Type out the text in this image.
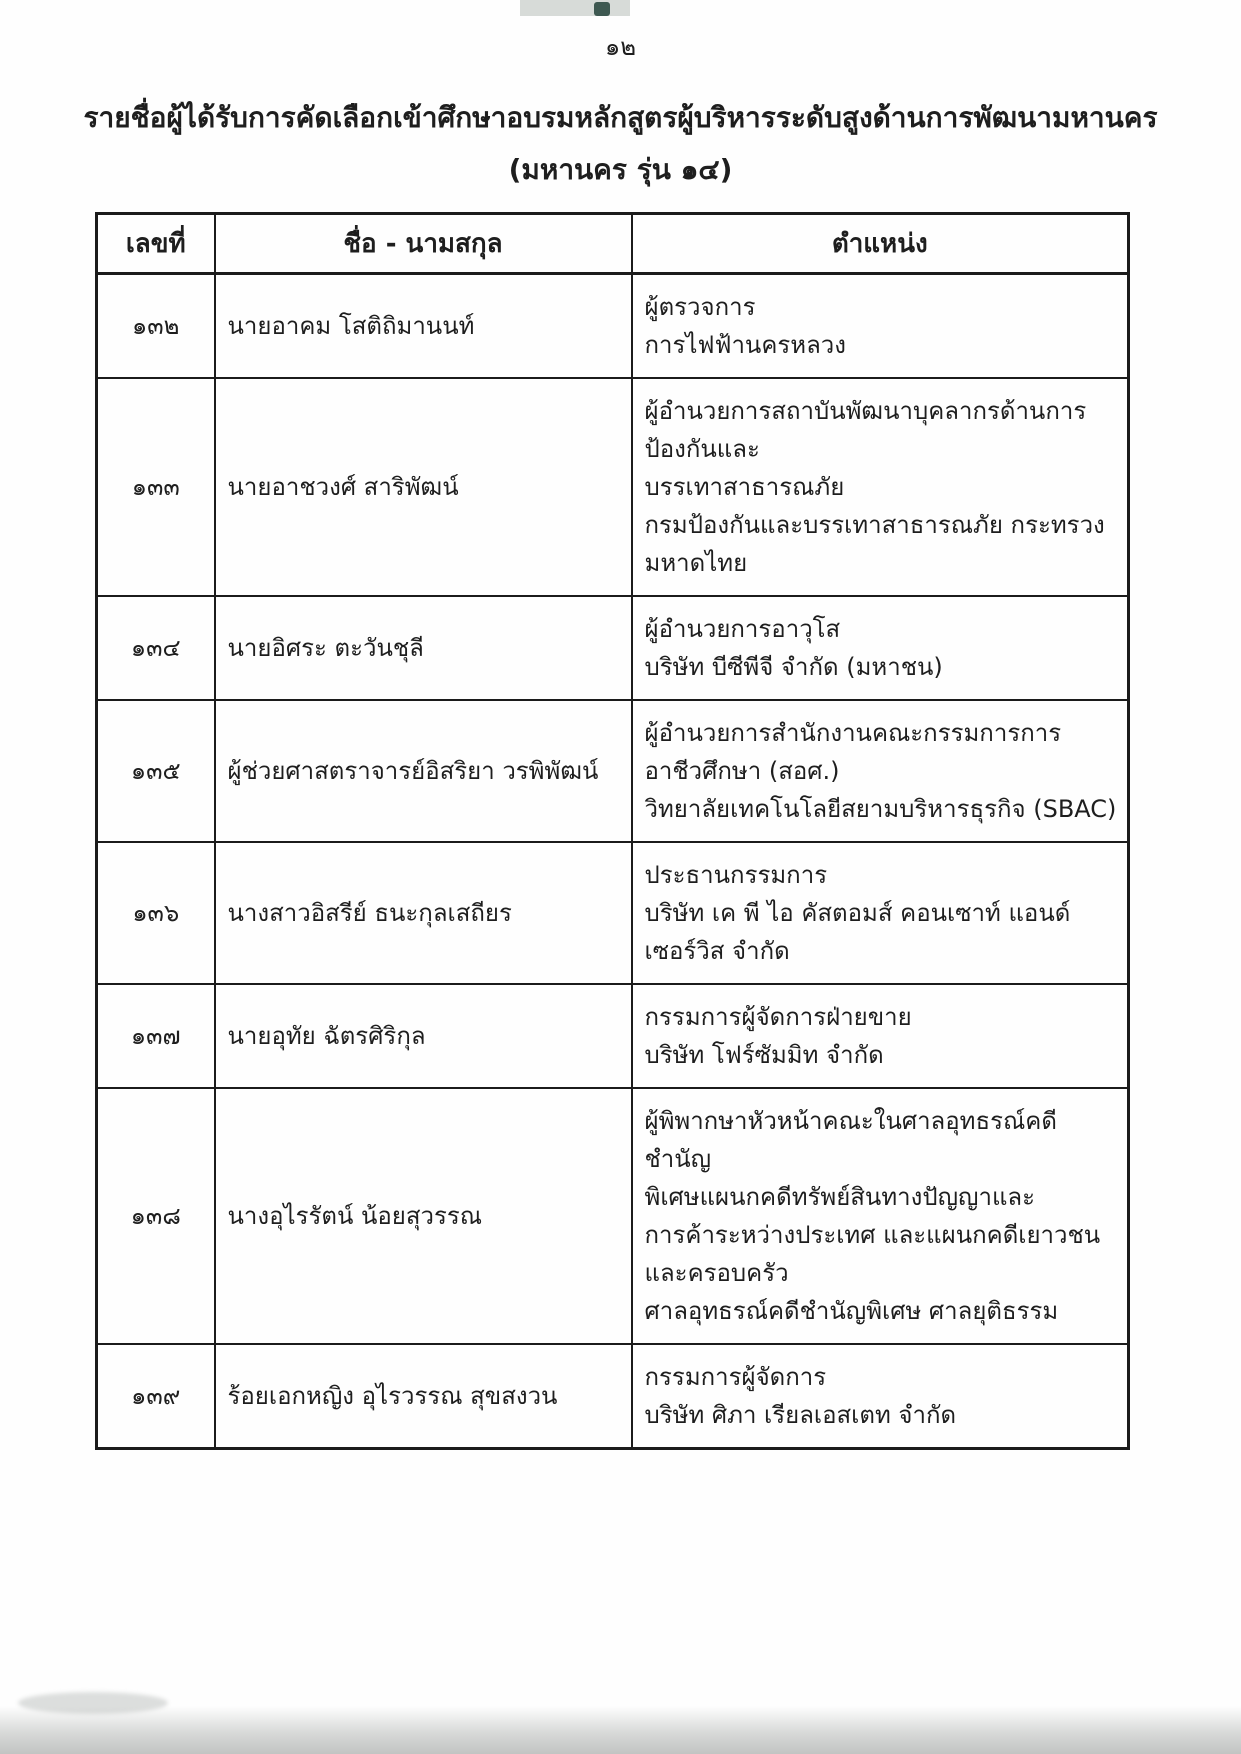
๑๒
รายชื่อผู้ได้รับการคัดเลือกเข้าศึกษาอบรมหลักสูตรผู้บริหารระดับสูงด้านการพัฒนามหานคร
(มหานคร รุ่น ๑๔)
เลขที่	ชื่อ - นามสกุล	ตำแหน่ง
๑๓๒	นายอาคม โสติถิมานนท์	ผู้ตรวจการ
การไฟฟ้านครหลวง

๑๓๓	นายอาชวงศ์ สาริพัฒน์	ผู้อำนวยการสถาบันพัฒนาบุคลากรด้านการป้องกันและ
บรรเทาสาธารณภัย
กรมป้องกันและบรรเทาสาธารณภัย กระทรวงมหาดไทย

๑๓๔	นายอิศระ ตะวันชุลี	ผู้อำนวยการอาวุโส
บริษัท บีซีพีจี จำกัด (มหาชน)

๑๓๕	ผู้ช่วยศาสตราจารย์อิสริยา วรพิพัฒน์	ผู้อำนวยการสำนักงานคณะกรรมการการอาชีวศึกษา (สอศ.)
วิทยาลัยเทคโนโลยีสยามบริหารธุรกิจ (SBAC)

๑๓๖	นางสาวอิสรีย์ ธนะกุลเสถียร	ประธานกรรมการ
บริษัท เค พี ไอ คัสตอมส์ คอนเซาท์ แอนด์
เซอร์วิส จำกัด

๑๓๗	นายอุทัย ฉัตรศิริกุล	กรรมการผู้จัดการฝ่ายขาย
บริษัท โฟร์ซัมมิท จำกัด

๑๓๘	นางอุไรรัตน์ น้อยสุวรรณ	ผู้พิพากษาหัวหน้าคณะในศาลอุทธรณ์คดีชำนัญ
พิเศษแผนกคดีทรัพย์สินทางปัญญาและ
การค้าระหว่างประเทศ และแผนกคดีเยาวชน
และครอบครัว
ศาลอุทธรณ์คดีชำนัญพิเศษ ศาลยุติธรรม

๑๓๙	ร้อยเอกหญิง อุไรวรรณ สุขสงวน	กรรมการผู้จัดการ
บริษัท ศิภา เรียลเอสเตท จำกัด
